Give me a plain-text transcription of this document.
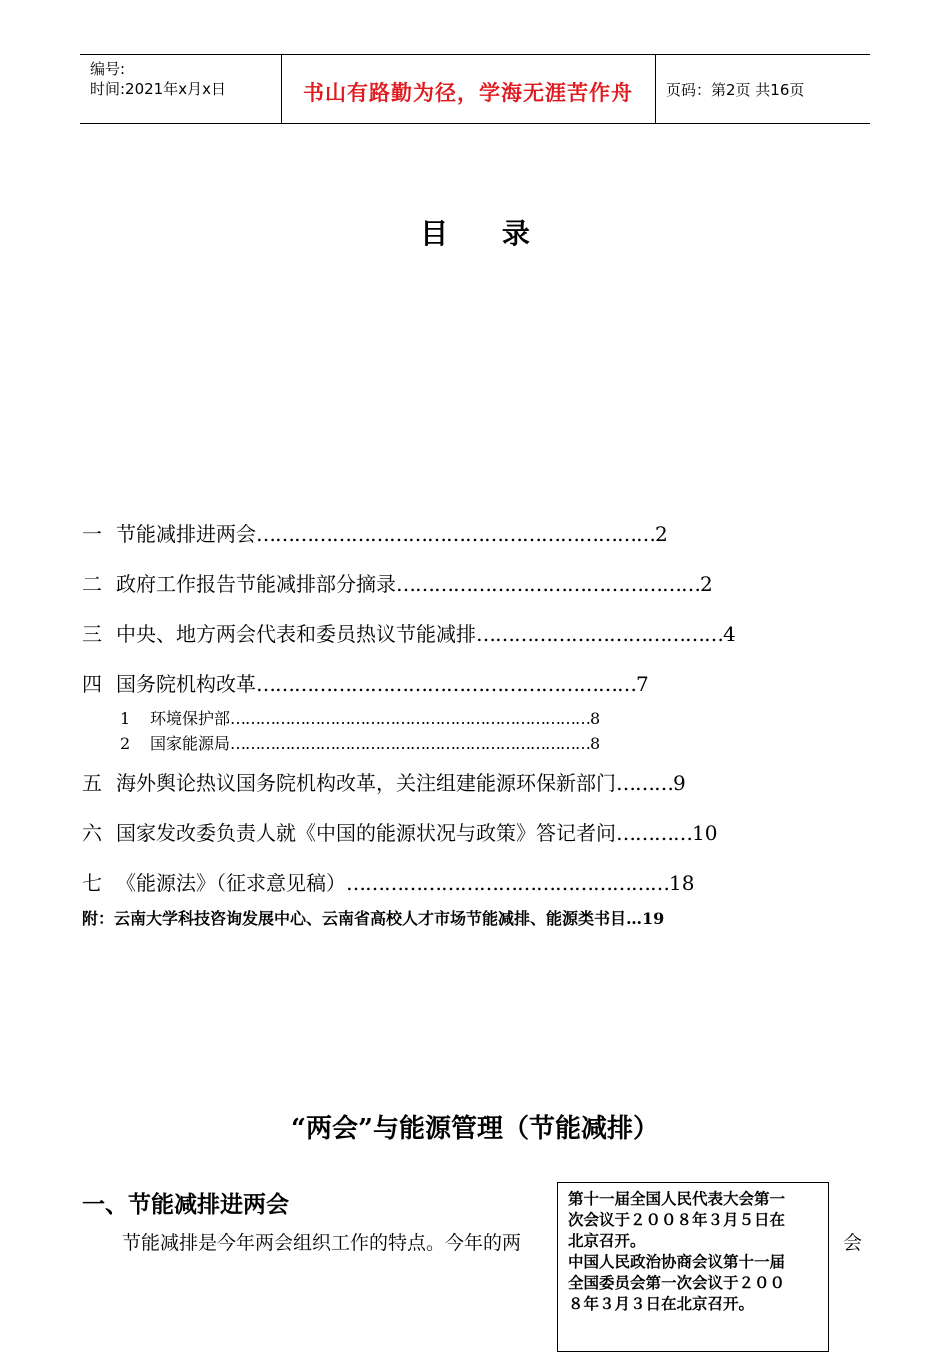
编号:
时间:2021年x月x日	书山有路勤为径，学海无涯苦作舟	页码：第2页 共16页
目 录
一 节能减排进两会………………………………………………………2
二 政府工作报告节能减排部分摘录…………………………………………2
三 中央、地方两会代表和委员热议节能减排…………………………………4
四 国务院机构改革……………………………………………………7
1 环境保护部………………………………………………………………8
2 国家能源局………………………………………………………………8
五 海外舆论热议国务院机构改革，关注组建能源环保新部门………9
六 国家发改委负责人就《中国的能源状况与政策》答记者问…………10
七 《能源法》（征求意见稿）……………………………………………18
附：云南大学科技咨询发展中心、云南省高校人才市场节能减排、能源类书目…19
“两会”与能源管理（节能减排）
一、节能减排进两会
节能减排是今年两会组织工作的特点。今年的两	会

第十一届全国人民代表大会第一

次会议于２００８年３月５日在

北京召开。

中国人民政治协商会议第十一届

全国委员会第一次会议于２００

８年３月３日在北京召开。
